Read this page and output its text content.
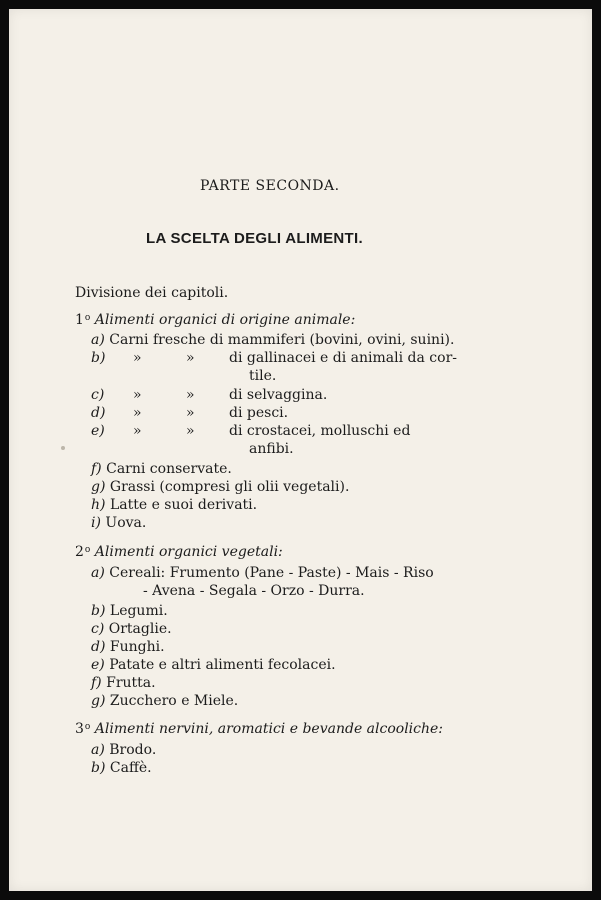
PARTE SECONDA.
LA SCELTA DEGLI ALIMENTI.
Divisione dei capitoli.
1$^o$ Alimenti organici di origine animale:
a) Carni fresche di mammiferi (bovini, ovini, suini).
b) »	» di gallinacei e di animali da cor-
tile.
c) »	» di selvaggina.
d) »	» di pesci.
e) »	» di crostacei, molluschi ed
anfibi.
f) Carni conservate.
g) Grassi (compresi gli olii vegetali).
h) Latte e suoi derivati.
i) Uova.
2$^o$ Alimenti organici vegetali:
a) Cereali: Frumento (Pane - Paste) - Mais - Riso
- Avena - Segala - Orzo - Durra.
b) Legumi.
c) Ortaglie.
d) Funghi.
e) Patate e altri alimenti fecolacei.
f) Frutta.
g) Zucchero e Miele.
3$^o$ Alimenti nervini, aromatici e bevande alcooliche:
a) Brodo.
b) Caffè.
